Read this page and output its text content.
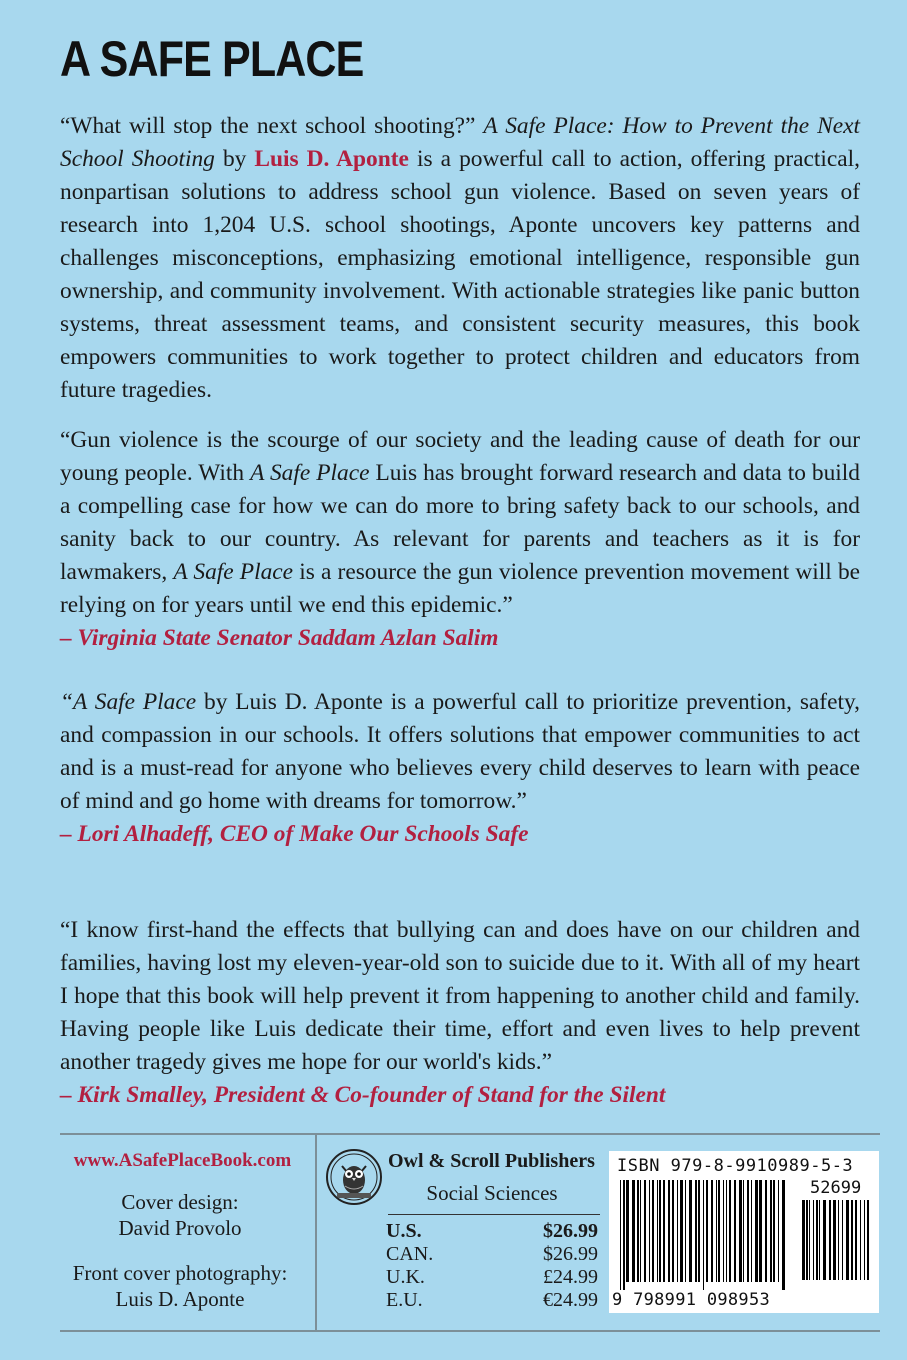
A SAFE PLACE
“What will stop the next school shooting?” A Safe Place: How to Prevent the Next School Shooting by Luis D. Aponte is a powerful call to action, offering practical, nonpartisan solutions to address school gun violence. Based on seven years of research into 1,204 U.S. school shootings, Aponte uncovers key patterns and challenges misconceptions, emphasizing emotional intelligence, responsible gun ownership, and community involvement. With actionable strategies like panic button systems, threat assessment teams, and consistent security measures, this book empowers communities to work together to protect children and educators from future tragedies.
“Gun violence is the scourge of our society and the leading cause of death for our young people. With A Safe Place Luis has brought forward research and data to build a compelling case for how we can do more to bring safety back to our schools, and sanity back to our country. As relevant for parents and teachers as it is for lawmakers, A Safe Place is a resource the gun violence prevention movement will be relying on for years until we end this epidemic.”
– Virginia State Senator Saddam Azlan Salim
“A Safe Place by Luis D. Aponte is a powerful call to prioritize prevention, safety, and compassion in our schools. It offers solutions that empower communities to act and is a must-read for anyone who believes every child deserves to learn with peace of mind and go home with dreams for tomorrow.”
– Lori Alhadeff, CEO of Make Our Schools Safe
“I know first-hand the effects that bullying can and does have on our children and families, having lost my eleven-year-old son to suicide due to it. With all of my heart I hope that this book will help prevent it from happening to another child and family. Having people like Luis dedicate their time, effort and even lives to help prevent another tragedy gives me hope for our world's kids.”
– Kirk Smalley, President & Co-founder of Stand for the Silent
www.ASafePlaceBook.com
Cover design:
David Provolo
Front cover photography:
Luis D. Aponte
Owl & Scroll Publishers
Social Sciences
U.S.	$26.99
CAN.	$26.99
U.K.	£24.99
E.U.	€24.99
ISBN 979-8-9910989-5-3
52699
9 798991 098953
